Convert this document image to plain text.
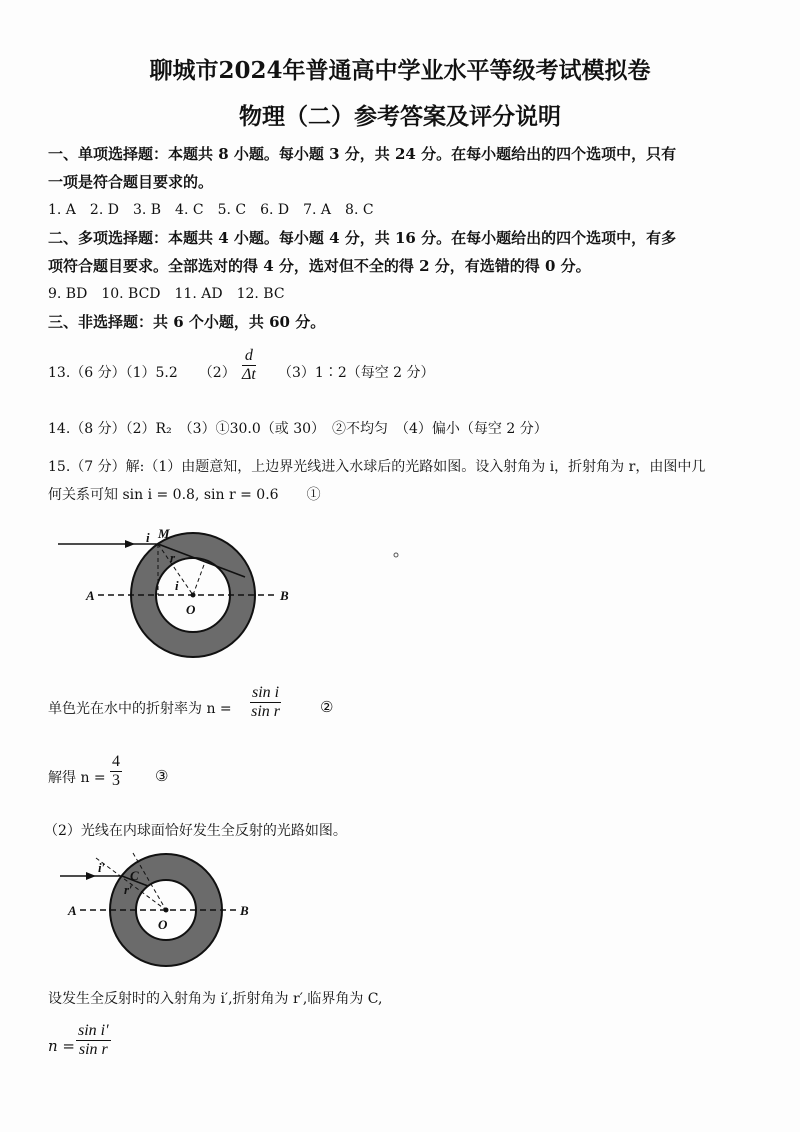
聊城市2024年普通高中学业水平等级考试模拟卷
物理（二）参考答案及评分说明
一、单项选择题：本题共 8 小题。每小题 3 分，共 24 分。在每小题给出的四个选项中，只有
一项是符合题目要求的。
1. A　2. D　3. B　4. C　5. C　6. D　7. A　8. C
二、多项选择题：本题共 4 小题。每小题 4 分，共 16 分。在每小题给出的四个选项中，有多
项符合题目要求。全部选对的得 4 分，选对但不全的得 2 分，有选错的得 0 分。
9. BD　10. BCD　11. AD　12. BC
三、非选择题：共 6 个小题，共 60 分。
13.（6 分）（1）5.2　　$(2) \frac{d}{\Delta t}$ （3）1∶2（每空 2 分）
14.（8 分）（2）R₂　（3）①30.0（或 30）　②不均匀　（4）偏小（每空 2 分）
15.（7 分）解:（1）由题意知，上边界光线进入水球后的光路如图。设入射角为 i，折射角为 r，由图中几
何关系可知 sin i = 0.8, sin r = 0.6　　①
A	B
O
M
i
r
i
单色光在水中的折射率为 $n = \frac{\text{sin i}}{\text{sin r}}$	②
解得 $n = \frac{4}{3}$ ③
（2）光线在内球面恰好发生全反射的光路如图。
A	B
O
i′
C
r′
设发生全反射时的入射角为 i′,折射角为 r′,临界角为 C,
$n = \frac{\text{sin i′}}{\text{sin r}}$
